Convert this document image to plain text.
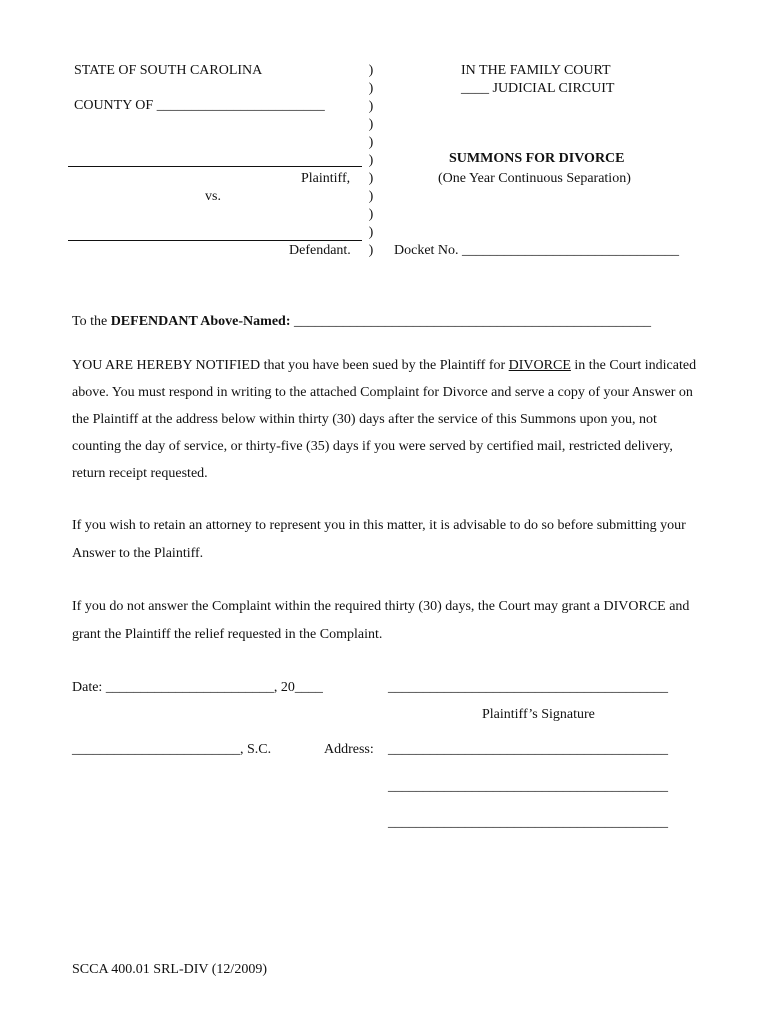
STATE OF SOUTH CAROLINA
COUNTY OF ________________________
Plaintiff,
vs.
Defendant.
)
)
)
)
)
)
)
)
)
)
)
IN THE FAMILY COURT
____ JUDICIAL CIRCUIT
SUMMONS FOR DIVORCE
(One Year Continuous Separation)
Docket No. _______________________________
To the DEFENDANT Above-Named: ___________________________________________________
YOU ARE HEREBY NOTIFIED that you have been sued by the Plaintiff for DIVORCE in the Court indicated above. You must respond in writing to the attached Complaint for Divorce and serve a copy of your Answer on the Plaintiff at the address below within thirty (30) days after the service of this Summons upon you, not counting the day of service, or thirty-five (35) days if you were served by certified mail, restricted delivery, return receipt requested.
If you wish to retain an attorney to represent you in this matter, it is advisable to do so before submitting your Answer to the Plaintiff.
If you do not answer the Complaint within the required thirty (30) days, the Court may grant a DIVORCE and grant the Plaintiff the relief requested in the Complaint.
Date: ________________________, 20____	________________________________________
Plaintiff’s Signature
________________________, S.C.	Address: ________________________________________
________________________________________
________________________________________
SCCA 400.01 SRL-DIV (12/2009)
